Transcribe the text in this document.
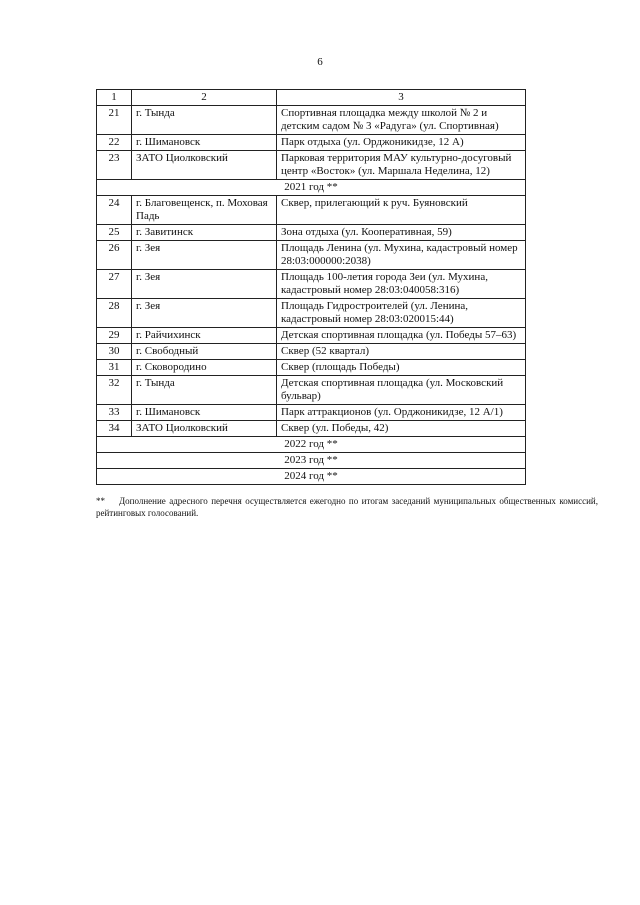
6
1	2	3
21	г. Тында	Спортивная площадка между школой № 2 и детским садом № 3 «Радуга» (ул. Спортивная)
22	г. Шимановск	Парк отдыха (ул. Орджоникидзе, 12 А)
23	ЗАТО Циолковский	Парковая территория МАУ культурно-досуговый центр «Восток» (ул. Маршала Неделина, 12)
2021 год **		
24	г. Благовещенск, п. Моховая Падь	Сквер, прилегающий к руч. Буяновский
25	г. Завитинск	Зона отдыха (ул. Кооперативная, 59)
26	г. Зея	Площадь Ленина (ул. Мухина, кадастровый номер 28:03:000000:2038)
27	г. Зея	Площадь 100-летия города Зеи (ул. Мухина, кадастровый номер 28:03:040058:316)
28	г. Зея	Площадь Гидростроителей (ул. Ленина, кадастровый номер 28:03:020015:44)
29	г. Райчихинск	Детская спортивная площадка (ул. Победы 57–63)
30	г. Свободный	Сквер (52 квартал)
31	г. Сковородино	Сквер (площадь Победы)
32	г. Тында	Детская спортивная площадка (ул. Московский бульвар)
33	г. Шимановск	Парк аттракционов (ул. Орджоникидзе, 12 А/1)
34	ЗАТО Циолковский	Сквер (ул. Победы, 42)
2022 год **		
2023 год **		
2024 год **		
** Дополнение адресного перечня осуществляется ежегодно по итогам заседаний муниципальных общественных комиссий, рейтинговых голосований.
